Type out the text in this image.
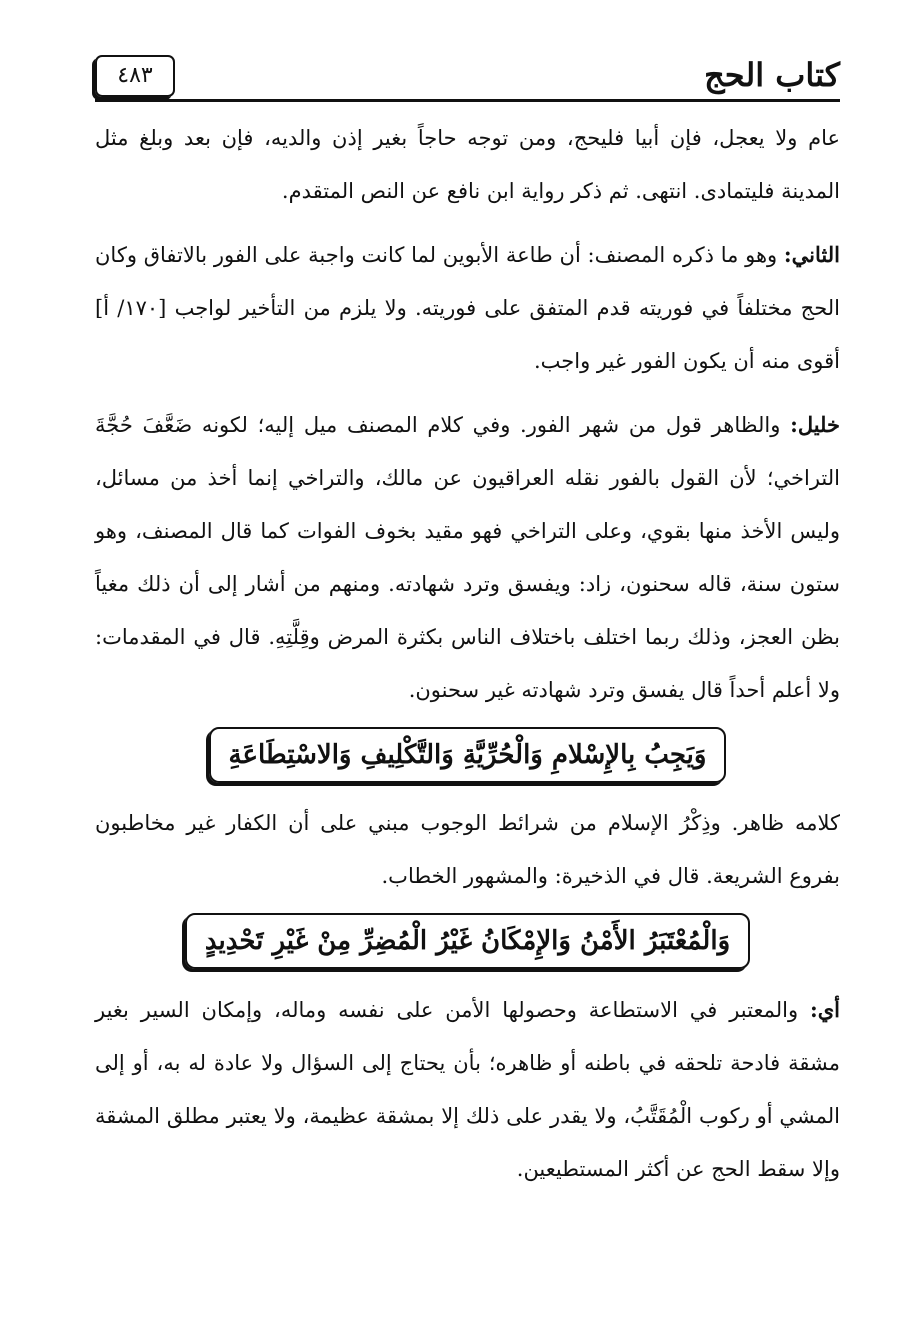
٤٨٣	كتاب الحج

عام ولا يعجل، فإن أبيا فليحج، ومن توجه حاجاً بغير إذن والديه، فإن بعد وبلغ مثل المدينة فليتمادى. انتهى. ثم ذكر رواية ابن نافع عن النص المتقدم.

الثاني: وهو ما ذكره المصنف: أن طاعة الأبوين لما كانت واجبة على الفور بالاتفاق وكان الحج مختلفاً في فوريته قدم المتفق على فوريته. ولا يلزم من التأخير لواجب [١٧٠/ أ] أقوى منه أن يكون الفور غير واجب.

خليل: والظاهر قول من شهر الفور. وفي كلام المصنف ميل إليه؛ لكونه ضَعَّفَ حُجَّةَ التراخي؛ لأن القول بالفور نقله العراقيون عن مالك، والتراخي إنما أخذ من مسائل، وليس الأخذ منها بقوي، وعلى التراخي فهو مقيد بخوف الفوات كما قال المصنف، وهو ستون سنة، قاله سحنون، زاد: ويفسق وترد شهادته. ومنهم من أشار إلى أن ذلك مغياً بظن العجز، وذلك ربما اختلف باختلاف الناس بكثرة المرض وقِلَّتِهِ. قال في المقدمات: ولا أعلم أحداً قال يفسق وترد شهادته غير سحنون.

وَيَجِبُ بِالإِسْلامِ وَالْحُرِّيَّةِ وَالتَّكْلِيفِ وَالاسْتِطَاعَةِ

كلامه ظاهر. وذِكْرُ الإسلام من شرائط الوجوب مبني على أن الكفار غير مخاطبون بفروع الشريعة. قال في الذخيرة: والمشهور الخطاب.

وَالْمُعْتَبَرُ الأَمْنُ وَالإِمْكَانُ غَيْرُ الْمُضِرِّ مِنْ غَيْرِ تَحْدِيدٍ

أي: والمعتبر في الاستطاعة وحصولها الأمن على نفسه وماله، وإمكان السير بغير مشقة فادحة تلحقه في باطنه أو ظاهره؛ بأن يحتاج إلى السؤال ولا عادة له به، أو إلى المشي أو ركوب الْمُقَتَّبُ، ولا يقدر على ذلك إلا بمشقة عظيمة، ولا يعتبر مطلق المشقة وإلا سقط الحج عن أكثر المستطيعين.
